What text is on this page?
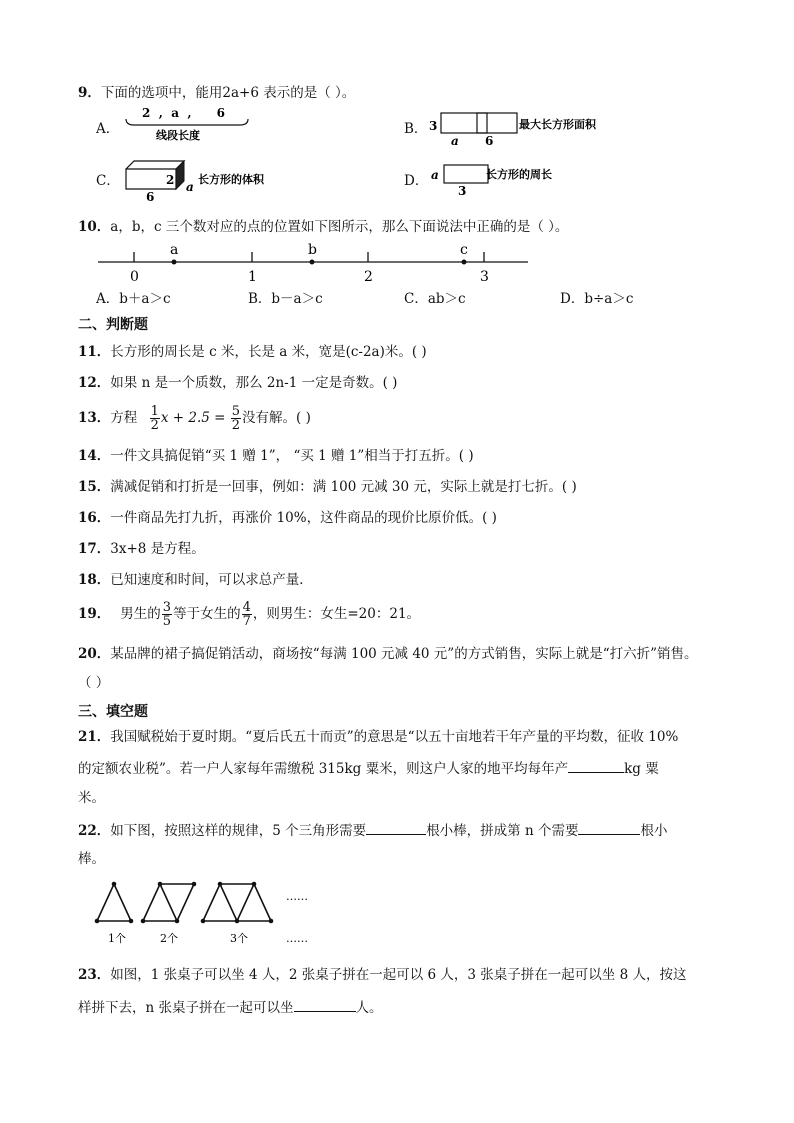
9．下面的选项中，能用2a+6 表示的是（ ）。
A．
2  ,  a  ,      6
线段长度	B． 3
a 6
最大长方形面积
C．	2 a
6
长方形的体积	D． a
3
长方形的周长
10．a，b，c 三个数对应的点的位置如下图所示，那么下面说法中正确的是（ ）。
a	b	c
0	1	2	3
A．b＋a＞c	B．b－a＞c	C．ab＞c	D．b÷a＞c
二、判断题
11．长方形的周长是 c 米，长是 a 米，宽是(c-2a)米。( )
12．如果 n 是一个质数，那么 2n-1 一定是奇数。( )
13．方程 $\frac{1}{2}$ $x + 2.5 = \frac{5}{2}$ 没有解。( )
14．一件文具搞促销“买 1 赠 1”， “买 1 赠 1”相当于打五折。( )
15．满减促销和打折是一回事，例如：满 100 元减 30 元，实际上就是打七折。( )
16．一件商品先打九折，再涨价 10%，这件商品的现价比原价低。( )
17．3x+8 是方程。
18．已知速度和时间，可以求总产量．
19． 男生的 $\frac{3}{5}$ 等于女生的 $\frac{4}{7}$ ，则男生：女生=20：21。
20．某品牌的裙子搞促销活动，商场按“每满 100 元减 40 元”的方式销售，实际上就是“打六折”销售。
（ ）
三、填空题
21．我国赋税始于夏时期。“夏后氏五十而贡”的意思是“以五十亩地若干年产量的平均数，征收 10%
的定额农业税”。若一户人家每年需缴税 315kg 粟米，则这户人家的地平均每年产	kg 粟
米。
22．如下图，按照这样的规律，5 个三角形需要	根小棒，拼成第 n 个需要	根小
棒。
1个	2个	3个
……
……
23．如图，1 张桌子可以坐 4 人，2 张桌子拼在一起可以 6 人，3 张桌子拼在一起可以坐 8 人，按这
样拼下去，n 张桌子拼在一起可以坐	人。
